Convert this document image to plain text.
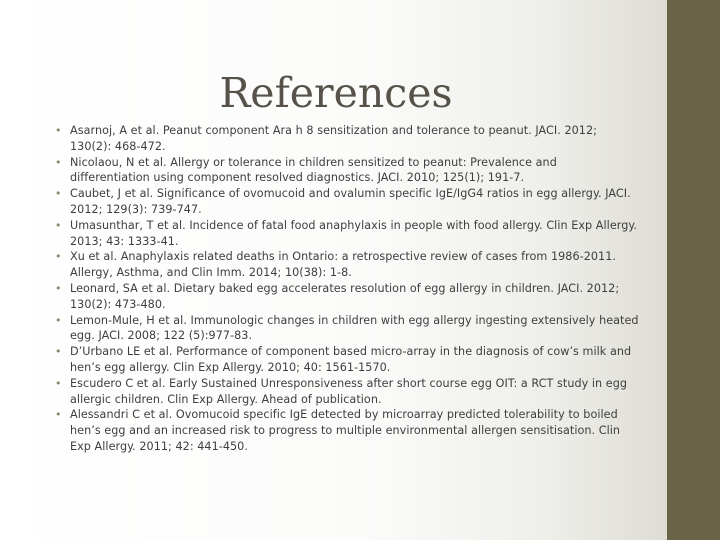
References
• Asarnoj, A et al. Peanut component Ara h 8 sensitization and tolerance to peanut. JACI. 2012; 130(2): 468-472.
• Nicolaou, N et al. Allergy or tolerance in children sensitized to peanut: Prevalence and differentiation using component resolved diagnostics. JACI. 2010; 125(1); 191-7.
• Caubet, J et al. Significance of ovomucoid and ovalumin specific IgE/IgG4 ratios in egg allergy. JACI. 2012; 129(3): 739-747.
• Umasunthar, T et al. Incidence of fatal food anaphylaxis in people with food allergy. Clin Exp Allergy. 2013; 43: 1333-41.
• Xu et al. Anaphylaxis related deaths in Ontario: a retrospective review of cases from 1986-2011. Allergy, Asthma, and Clin Imm. 2014; 10(38): 1-8.
• Leonard, SA et al. Dietary baked egg accelerates resolution of egg allergy in children. JACI. 2012; 130(2): 473-480.
• Lemon-Mule, H et al. Immunologic changes in children with egg allergy ingesting extensively heated egg. JACI. 2008; 122 (5):977-83.
• D’Urbano LE et al. Performance of component based micro-array in the diagnosis of cow’s milk and hen’s egg allergy. Clin Exp Allergy. 2010; 40: 1561-1570.
• Escudero C et al. Early Sustained Unresponsiveness after short course egg OIT: a RCT study in egg allergic children. Clin Exp Allergy. Ahead of publication.
• Alessandri C et al. Ovomucoid specific IgE detected by microarray predicted tolerability to boiled hen’s egg and an increased risk to progress to multiple environmental allergen sensitisation. Clin Exp Allergy. 2011; 42: 441-450.
